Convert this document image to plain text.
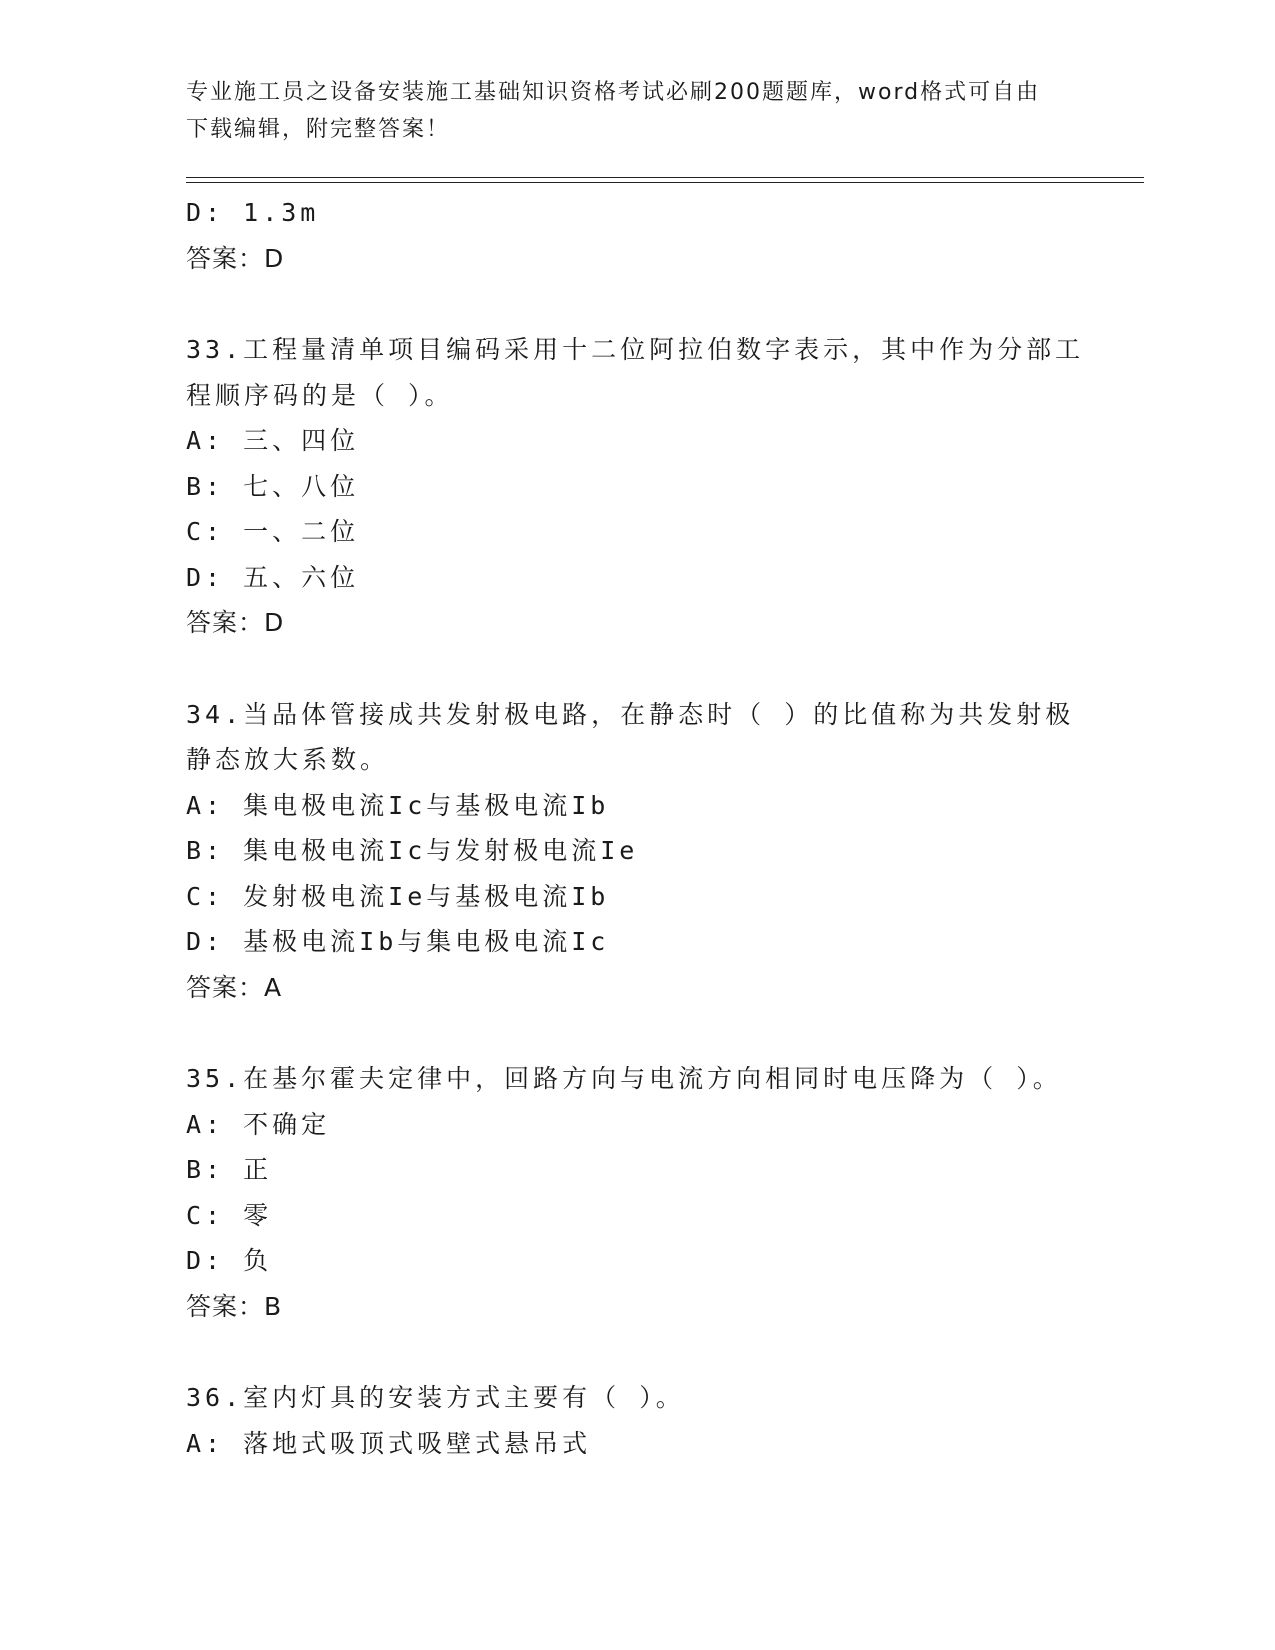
专业施工员之设备安装施工基础知识资格考试必刷200题题库，word格式可自由
下载编辑，附完整答案！
D: 1.3m
答案：D
33.工程量清单项目编码采用十二位阿拉伯数字表示，其中作为分部工
程顺序码的是（ ）。
A: 三、四位
B: 七、八位
C: 一、二位
D: 五、六位
答案：D
34.当品体管接成共发射极电路，在静态时（ ）的比值称为共发射极
静态放大系数。
A: 集电极电流Ic与基极电流Ib
B: 集电极电流Ic与发射极电流Ie
C: 发射极电流Ie与基极电流Ib
D: 基极电流Ib与集电极电流Ic
答案：A
35.在基尔霍夫定律中，回路方向与电流方向相同时电压降为（ ）。
A: 不确定
B: 正
C: 零
D: 负
答案：B
36.室内灯具的安装方式主要有（ ）。
A: 落地式吸顶式吸壁式悬吊式
